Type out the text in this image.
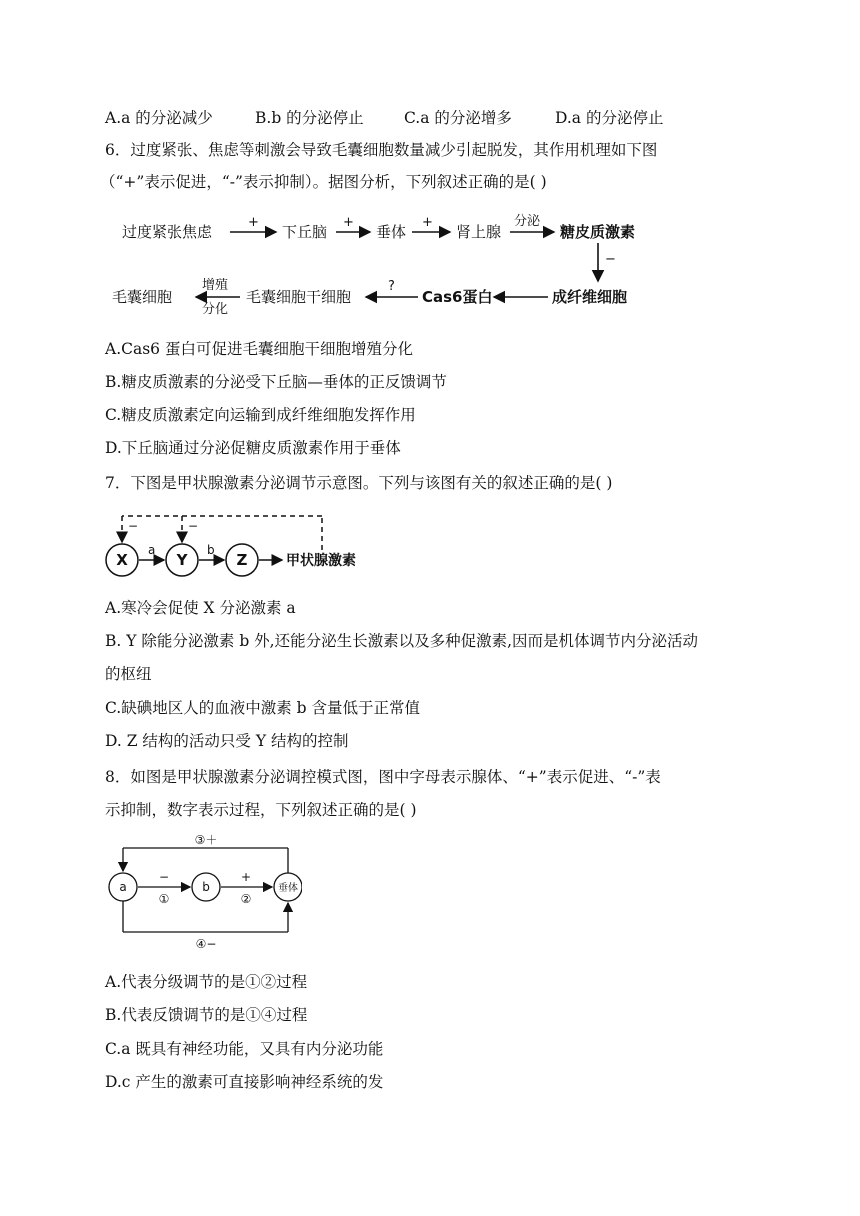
A.a 的分泌减少	B.b 的分泌停止	C.a 的分泌增多	D.a 的分泌停止
6．过度紧张、焦虑等刺激会导致毛囊细胞数量减少引起脱发，其作用机理如下图
（“+”表示促进，“-”表示抑制）。据图分析，下列叙述正确的是( )
过度紧张焦虑	下丘脑	垂体	肾上腺	糖皮质激素
成纤维细胞
Cas6蛋白
毛囊细胞干细胞
毛囊细胞
+	+	+	分泌
−
?
增殖
分化
A.Cas6 蛋白可促进毛囊细胞干细胞增殖分化
B.糖皮质激素的分泌受下丘脑—垂体的正反馈调节
C.糖皮质激素定向运输到成纤维细胞发挥作用
D.下丘脑通过分泌促糖皮质激素作用于垂体
7．下图是甲状腺激素分泌调节示意图。下列与该图有关的叙述正确的是( )
X	Y	Z
a	b
−	−
甲状腺激素
A.寒冷会促使 X 分泌激素 a
B. Y 除能分泌激素 b 外,还能分泌生长激素以及多种促激素,因而是机体调节内分泌活动
的枢纽
C.缺碘地区人的血液中激素 b 含量低于正常值
D. Z 结构的活动只受 Y 结构的控制
8．如图是甲状腺激素分泌调控模式图，图中字母表示腺体、“+”表示促进、“-”表
示抑制，数字表示过程，下列叙述正确的是( )
a	b	垂体
③＋
④−
−
①
+
②
A.代表分级调节的是①②过程
B.代表反馈调节的是①④过程
C.a 既具有神经功能，又具有内分泌功能
D.c 产生的激素可直接影响神经系统的发
